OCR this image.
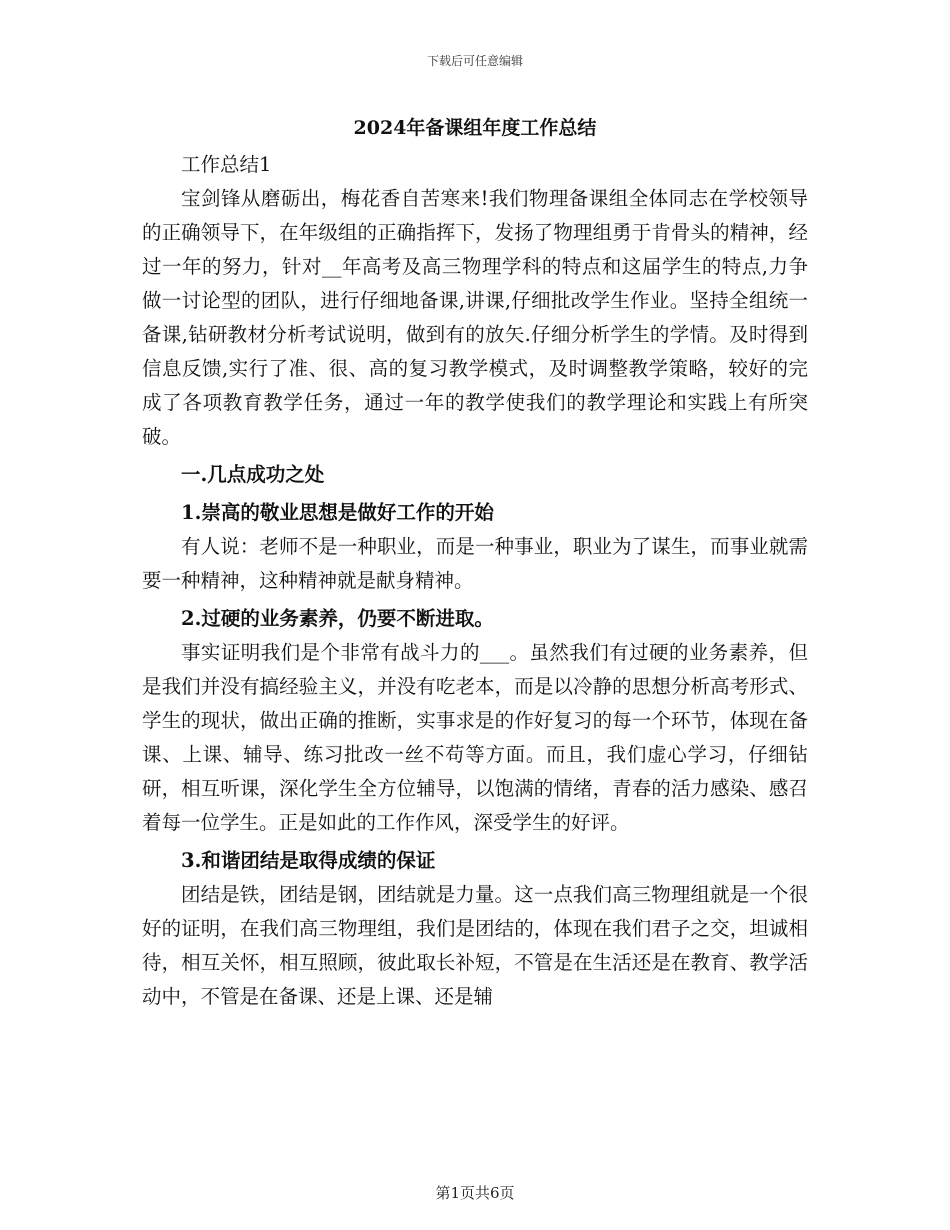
下载后可任意编辑
2024年备课组年度工作总结

工作总结1

宝剑锋从磨砺出，梅花香自苦寒来!我们物理备课组全体同志在学校领导的正确领导下，在年级组的正确指挥下，发扬了物理组勇于肯骨头的精神，经过一年的努力，针对__年高考及高三物理学科的特点和这届学生的特点,力争做一讨论型的团队，进行仔细地备课,讲课,仔细批改学生作业。坚持全组统一备课,钻研教材分析考试说明，做到有的放矢.仔细分析学生的学情。及时得到信息反馈,实行了准、很、高的复习教学模式，及时调整教学策略，较好的完成了各项教育教学任务，通过一年的教学使我们的教学理论和实践上有所突破。

一.几点成功之处

1.崇高的敬业思想是做好工作的开始

有人说：老师不是一种职业，而是一种事业，职业为了谋生，而事业就需要一种精神，这种精神就是献身精神。

2.过硬的业务素养，仍要不断进取。

事实证明我们是个非常有战斗力的___。虽然我们有过硬的业务素养，但是我们并没有搞经验主义，并没有吃老本，而是以冷静的思想分析高考形式、学生的现状，做出正确的推断，实事求是的作好复习的每一个环节，体现在备课、上课、辅导、练习批改一丝不苟等方面。而且，我们虚心学习，仔细钻研，相互听课，深化学生全方位辅导，以饱满的情绪，青春的活力感染、感召着每一位学生。正是如此的工作作风，深受学生的好评。

3.和谐团结是取得成绩的保证

团结是铁，团结是钢，团结就是力量。这一点我们高三物理组就是一个很好的证明，在我们高三物理组，我们是团结的，体现在我们君子之交，坦诚相待，相互关怀，相互照顾，彼此取长补短，不管是在生活还是在教育、教学活动中，不管是在备课、还是上课、还是辅

第1页共6页
